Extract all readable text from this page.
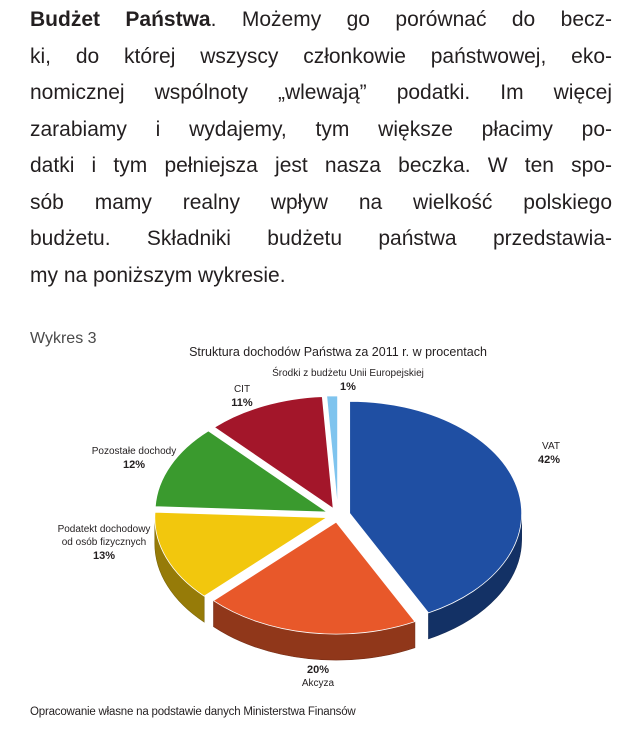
Budżet Państwa. Możemy go porównać do becz-
ki, do której wszyscy członkowie państwowej, eko-
nomicznej wspólnoty „wlewają” podatki. Im więcej
zarabiamy i wydajemy, tym większe płacimy po-
datki i tym pełniejsza jest nasza beczka. W ten spo-
sób mamy realny wpływ na wielkość polskiego
budżetu. Składniki budżetu państwa przedstawia-
my na poniższym wykresie.
Wykres 3
Struktura dochodów Państwa za 2011 r. w procentach
VAT
42%
20%
Akcyza
Podatekt dochodowy
od osób fizycznych
13%
Pozostałe dochody
12%
CIT
11%
Środki z budżetu Unii Europejskiej
1%
Opracowanie własne na podstawie danych Ministerstwa Finansów
